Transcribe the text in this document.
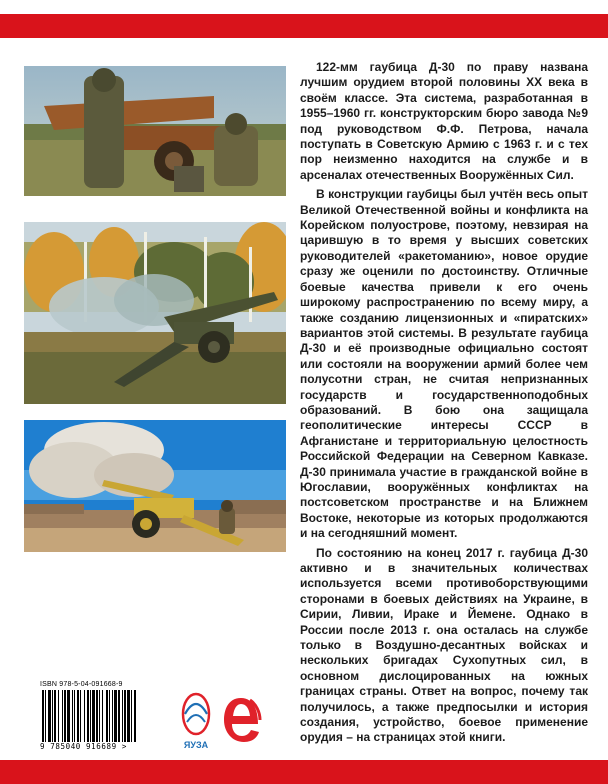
122-мм гаубица Д-30 по праву названа лучшим орудием второй половины XX века в своём классе. Эта система, разработанная в 1955–1960 гг. конструкторским бюро завода №9 под руководством Ф.Ф. Петрова, начала поступать в Советскую Армию с 1963 г. и с тех пор неизменно находится на службе и в арсеналах отечественных Вооружённых Сил.

В конструкции гаубицы был учтён весь опыт Великой Отечественной войны и конфликта на Корейском полуострове, поэтому, невзирая на царившую в то время у высших советских руководителей «ракетоманию», новое орудие сразу же оценили по достоинству. Отличные боевые качества привели к его очень широкому распространению по всему миру, а также созданию лицензионных и «пиратских» вариантов этой системы. В результате гаубица Д-30 и её производные официально состоят или состояли на вооружении армий более чем полусотни стран, не считая непризнанных государств и государственноподобных образований. В бою она защищала геополитические интересы СССР в Афганистане и территориальную целостность Российской Федерации на Северном Кавказе. Д-30 принимала участие в гражданской войне в Югославии, вооружённых конфликтах на постсоветском пространстве и на Ближнем Востоке, некоторые из которых продолжаются и на сегодняшний момент.

По состоянию на конец 2017 г. гаубица Д-30 активно и в значительных количествах используется всеми противоборствующими сторонами в боевых действиях на Украине, в Сирии, Ливии, Ираке и Йемене. Однако в России после 2013 г. она осталась на службе только в Воздушно-десантных войсках и нескольких бригадах Сухопутных сил, в основном дислоцированных на южных границах страны. Ответ на вопрос, почему так получилось, а также предпосылки и история создания, устройство, боевое применение орудия – на страницах этой книги.

ISBN 978-5-04-091668-9
9 785040 916689 >	ЯУЗА
